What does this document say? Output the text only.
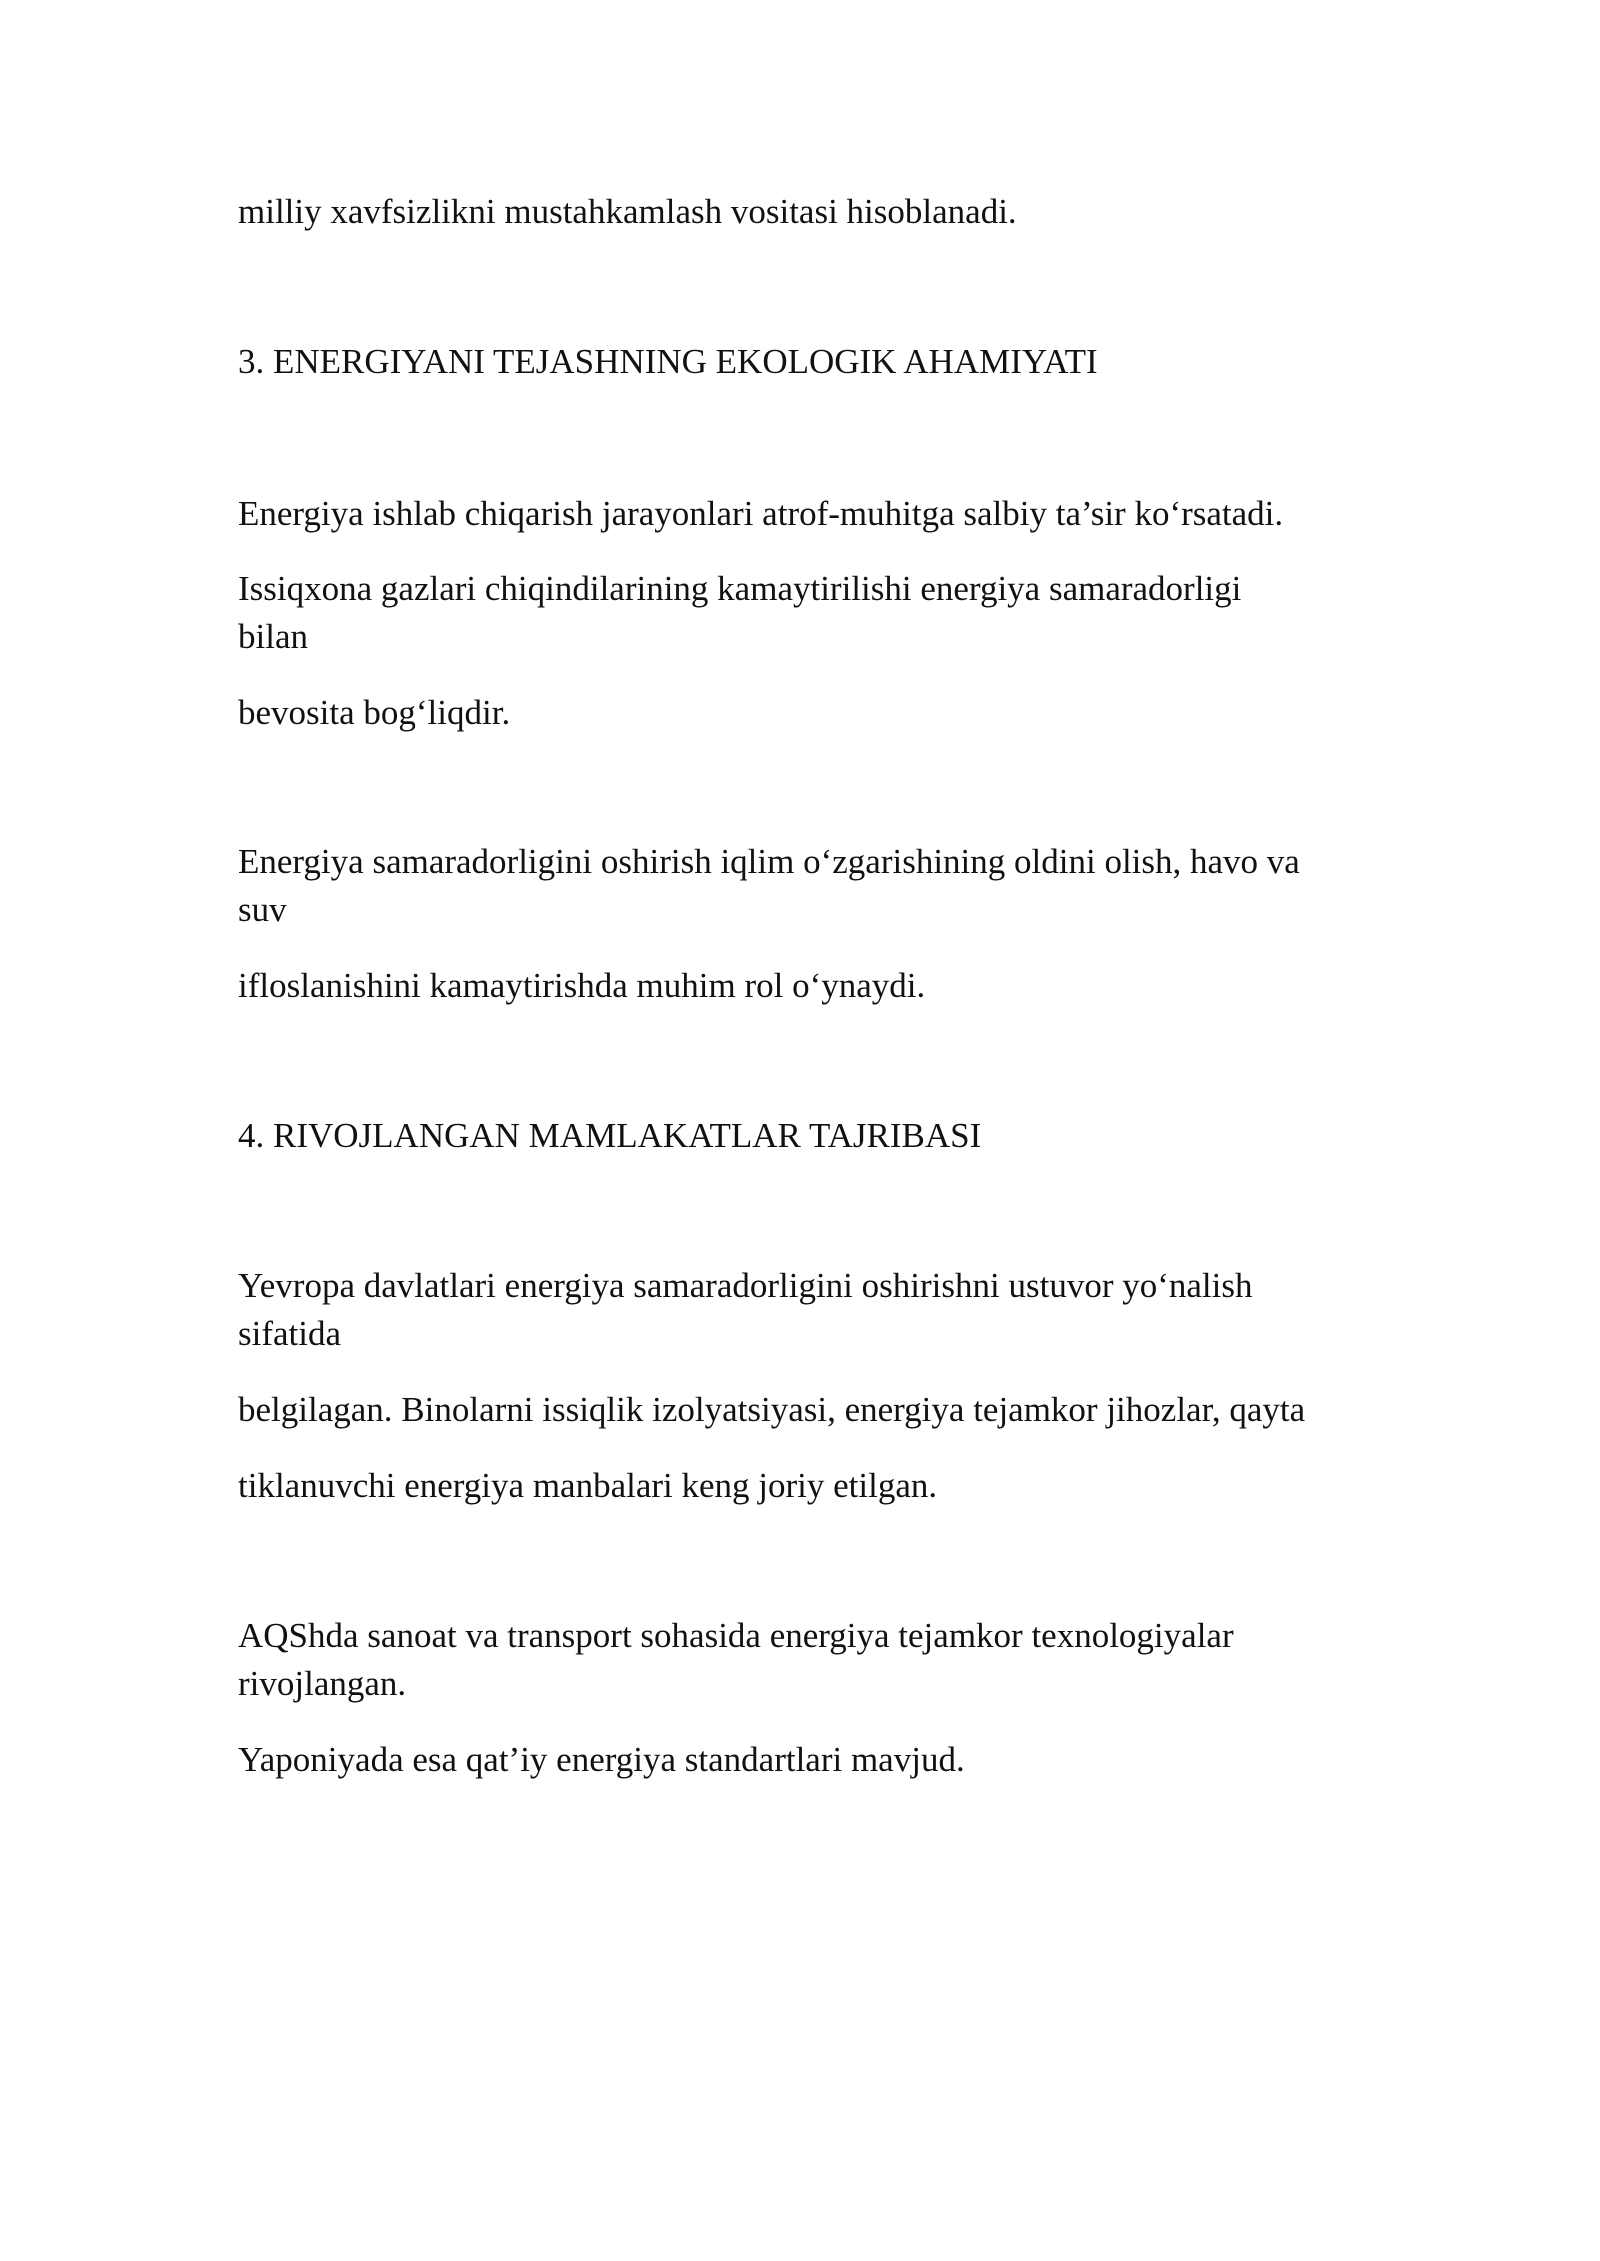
milliy xavfsizlikni mustahkamlash vositasi hisoblanadi.

3. ENERGIYANI TEJASHNING EKOLOGIK AHAMIYATI

Energiya ishlab chiqarish jarayonlari atrof-muhitga salbiy ta’sir ko‘rsatadi.

Issiqxona gazlari chiqindilarining kamaytirilishi energiya samaradorligi

bilan

bevosita bog‘liqdir.

Energiya samaradorligini oshirish iqlim o‘zgarishining oldini olish, havo va

suv

ifloslanishini kamaytirishda muhim rol o‘ynaydi.

4. RIVOJLANGAN MAMLAKATLAR TAJRIBASI

Yevropa davlatlari energiya samaradorligini oshirishni ustuvor yo‘nalish

sifatida

belgilagan. Binolarni issiqlik izolyatsiyasi, energiya tejamkor jihozlar, qayta

tiklanuvchi energiya manbalari keng joriy etilgan.

AQShda sanoat va transport sohasida energiya tejamkor texnologiyalar

rivojlangan.

Yaponiyada esa qat’iy energiya standartlari mavjud.
